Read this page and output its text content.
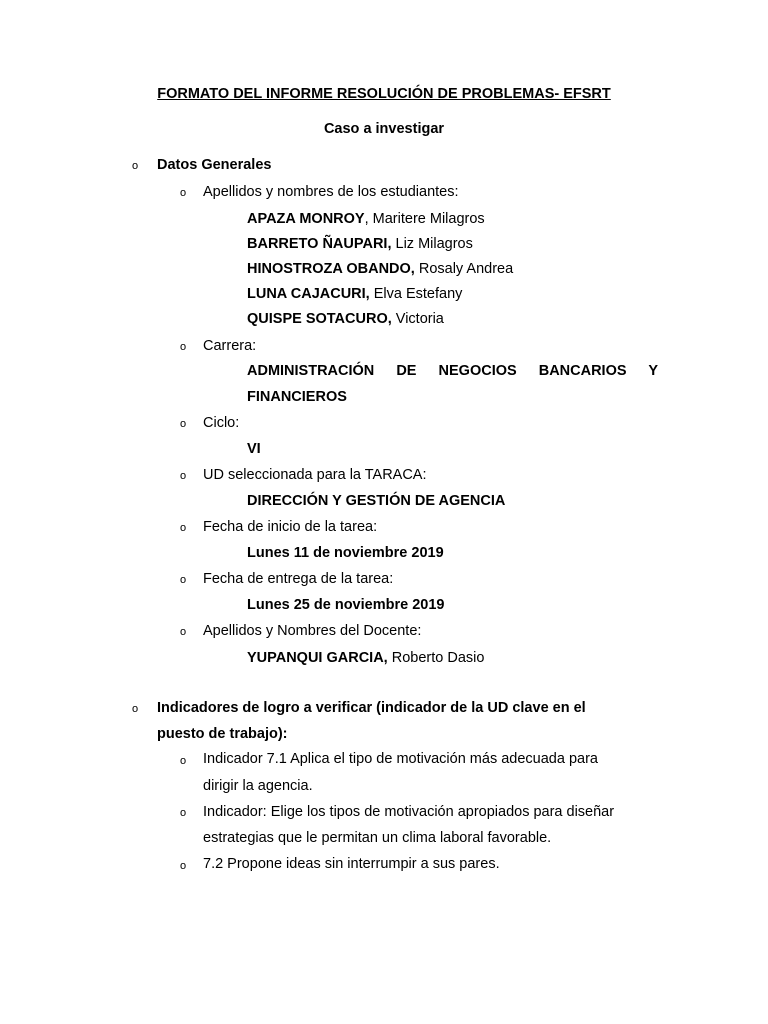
FORMATO DEL INFORME RESOLUCIÓN DE PROBLEMAS- EFSRT
Caso a investigar
o Datos Generales
o Apellidos y nombres de los estudiantes:
APAZA MONROY, Maritere Milagros
BARRETO ÑAUPARI, Liz Milagros
HINOSTROZA OBANDO, Rosaly Andrea
LUNA CAJACURI, Elva Estefany
QUISPE SOTACURO, Victoria
o Carrera:
ADMINISTRACIÓN DE NEGOCIOS BANCARIOS Y
FINANCIEROS
o Ciclo:
VI
o UD seleccionada para la TARACA:
DIRECCIÓN Y GESTIÓN DE AGENCIA
o Fecha de inicio de la tarea:
Lunes 11 de noviembre 2019
o Fecha de entrega de la tarea:
Lunes 25 de noviembre 2019
o Apellidos y Nombres del Docente:
YUPANQUI GARCIA, Roberto Dasio
o Indicadores de logro a verificar (indicador de la UD clave en el
puesto de trabajo):
o Indicador 7.1 Aplica el tipo de motivación más adecuada para
dirigir la agencia.
o Indicador: Elige los tipos de motivación apropiados para diseñar
estrategias que le permitan un clima laboral favorable.
o 7.2 Propone ideas sin interrumpir a sus pares.
